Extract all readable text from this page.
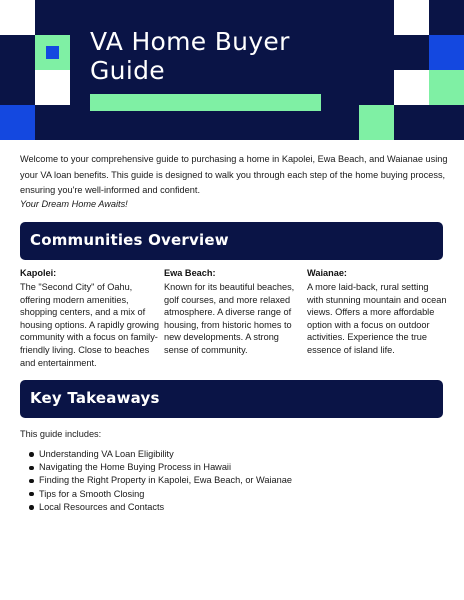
VA Home Buyer Guide

Welcome to your comprehensive guide to purchasing a home in Kapolei, Ewa Beach, and Waianae using your VA loan benefits. This guide is designed to walk you through each step of the home buying process, ensuring you're well-informed and confident.

Your Dream Home Awaits!

Communities Overview
Kapolei:

The "Second City" of Oahu, offering modern amenities, shopping centers, and a mix of housing options. A rapidly growing community with a focus on family-friendly living. Close to beaches and entertainment.

Ewa Beach:

Known for its beautiful beaches, golf courses, and more relaxed atmosphere. A diverse range of housing, from historic homes to new developments. A strong sense of community.

Waianae:

A more laid-back, rural setting with stunning mountain and ocean views. Offers a more affordable option with a focus on outdoor activities. Experience the true essence of island life.

Key Takeaways

This guide includes:

Understanding VA Loan Eligibility
Navigating the Home Buying Process in Hawaii
Finding the Right Property in Kapolei, Ewa Beach, or Waianae
Tips for a Smooth Closing
Local Resources and Contacts
